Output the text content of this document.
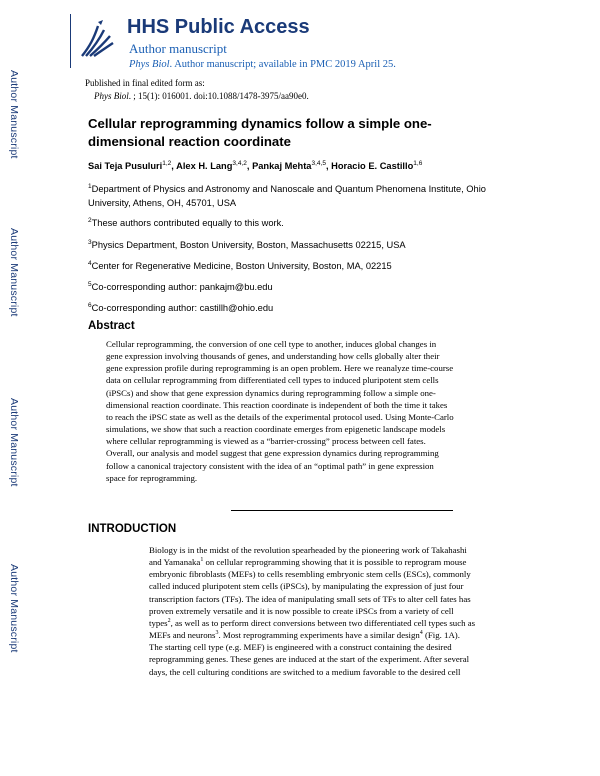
Author Manuscript
Author Manuscript
Author Manuscript
Author Manuscript
HHS Public Access
Author manuscript
Phys Biol. Author manuscript; available in PMC 2019 April 25.
Published in final edited form as:
Phys Biol. ; 15(1): 016001. doi:10.1088/1478-3975/aa90e0.
Cellular reprogramming dynamics follow a simple one-dimensional reaction coordinate
Sai Teja Pusuluri$^{1,2}$, Alex H. Lang$^{3,4,2}$, Pankaj Mehta$^{3,4,5}$, Horacio E. Castillo$^{1,6}$
$^1$Department of Physics and Astronomy and Nanoscale and Quantum Phenomena Institute, Ohio University, Athens, OH, 45701, USA
$^2$These authors contributed equally to this work.
$^3$Physics Department, Boston University, Boston, Massachusetts 02215, USA
$^4$Center for Regenerative Medicine, Boston University, Boston, MA, 02215
$^5$Co-corresponding author: pankajm@bu.edu
$^6$Co-corresponding author: castillh@ohio.edu
Abstract
Cellular reprogramming, the conversion of one cell type to another, induces global changes in
gene expression involving thousands of genes, and understanding how cells globally alter their
gene expression profile during reprogramming is an open problem. Here we reanalyze time-course
data on cellular reprogramming from differentiated cell types to induced pluripotent stem cells
(iPSCs) and show that gene expression dynamics during reprogramming follow a simple one-
dimensional reaction coordinate. This reaction coordinate is independent of both the time it takes
to reach the iPSC state as well as the details of the experimental protocol used. Using Monte-Carlo
simulations, we show that such a reaction coordinate emerges from epigenetic landscape models
where cellular reprogramming is viewed as a “barrier-crossing” process between cell fates.
Overall, our analysis and model suggest that gene expression dynamics during reprogramming
follow a canonical trajectory consistent with the idea of an “optimal path” in gene expression
space for reprogramming.
INTRODUCTION
Biology is in the midst of the revolution spearheaded by the pioneering work of Takahashi
and Yamanaka$^1$ on cellular reprogramming showing that it is possible to reprogram mouse
embryonic fibroblasts (MEFs) to cells resembling embryonic stem cells (ESCs), commonly
called induced pluripotent stem cells (iPSCs), by manipulating the expression of just four
transcription factors (TFs). The idea of manipulating small sets of TFs to alter cell fates has
proven extremely versatile and it is now possible to create iPSCs from a variety of cell
types$^2$, as well as to perform direct conversions between two differentiated cell types such as
MEFs and neurons$^3$. Most reprogramming experiments have a similar design$^4$ (Fig. 1A).
The starting cell type (e.g. MEF) is engineered with a construct containing the desired
reprogramming genes. These genes are induced at the start of the experiment. After several
days, the cell culturing conditions are switched to a medium favorable to the desired cell
